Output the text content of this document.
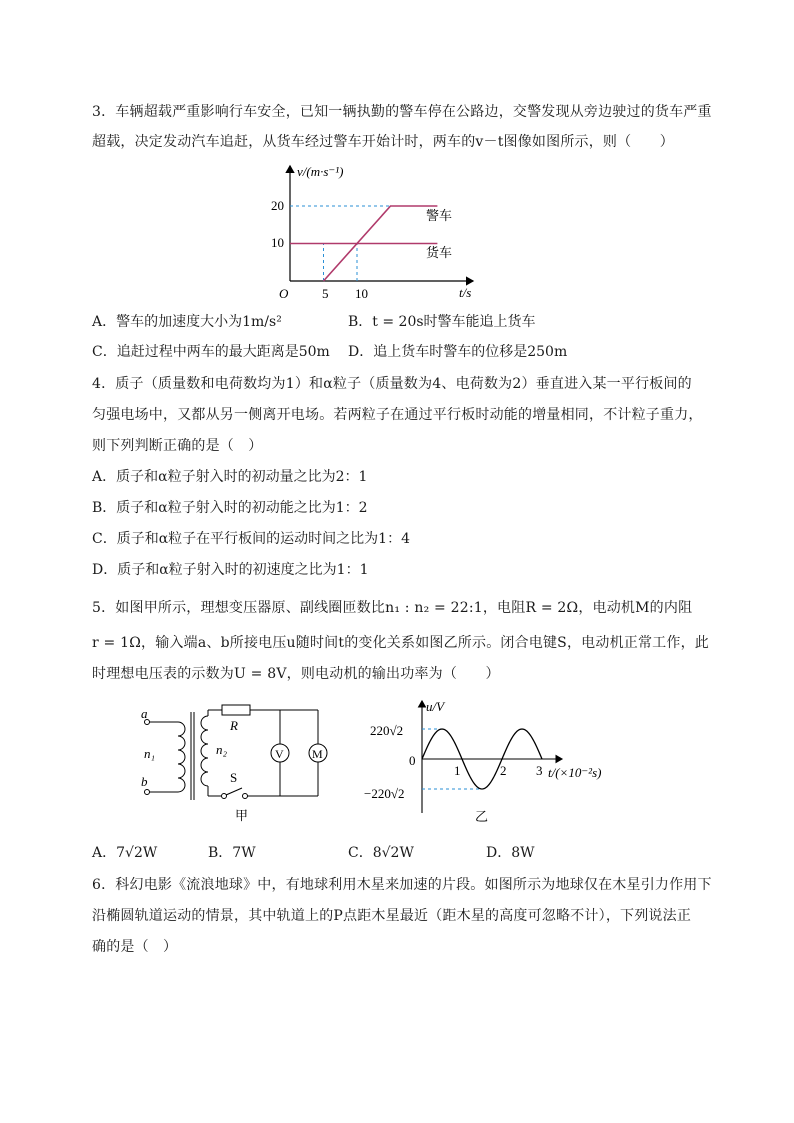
3．车辆超载严重影响行车安全，已知一辆执勤的警车停在公路边，交警发现从旁边驶过的货车严重
超载，决定发动汽车追赶，从货车经过警车开始计时，两车的v－t图像如图所示，则（　　）
v/(m·s⁻¹)
t/s
O
20
10
5 10
警车
货车
A．警车的加速度大小为1m/s²	B．t = 20s时警车能追上货车
C．追赶过程中两车的最大距离是50m D．追上货车时警车的位移是250m
4．质子（质量数和电荷数均为1）和α粒子（质量数为4、电荷数为2）垂直进入某一平行板间的
匀强电场中，又都从另一侧离开电场。若两粒子在通过平行板时动能的增量相同，不计粒子重力，
则下列判断正确的是（　）
A．质子和α粒子射入时的初动量之比为2：1
B．质子和α粒子射入时的初动能之比为1：2
C．质子和α粒子在平行板间的运动时间之比为1：4
D．质子和α粒子射入时的初速度之比为1：1
5．如图甲所示，理想变压器原、副线圈匝数比n₁ : n₂ = 22:1，电阻R = 2Ω，电动机M的内阻
r = 1Ω，输入端a、b所接电压u随时间t的变化关系如图乙所示。闭合电键S，电动机正常工作，此
时理想电压表的示数为U = 8V，则电动机的输出功率为（　　）
a
b
n₁	n₂
R
S
V M
甲
u/V
t/(×10⁻²s)
220√2
0
−220√2
1	2 3
乙
A．7√2W	B．7W	C．8√2W	D．8W
6．科幻电影《流浪地球》中，有地球利用木星来加速的片段。如图所示为地球仅在木星引力作用下
沿椭圆轨道运动的情景，其中轨道上的P点距木星最近（距木星的高度可忽略不计），下列说法正
确的是（　）
